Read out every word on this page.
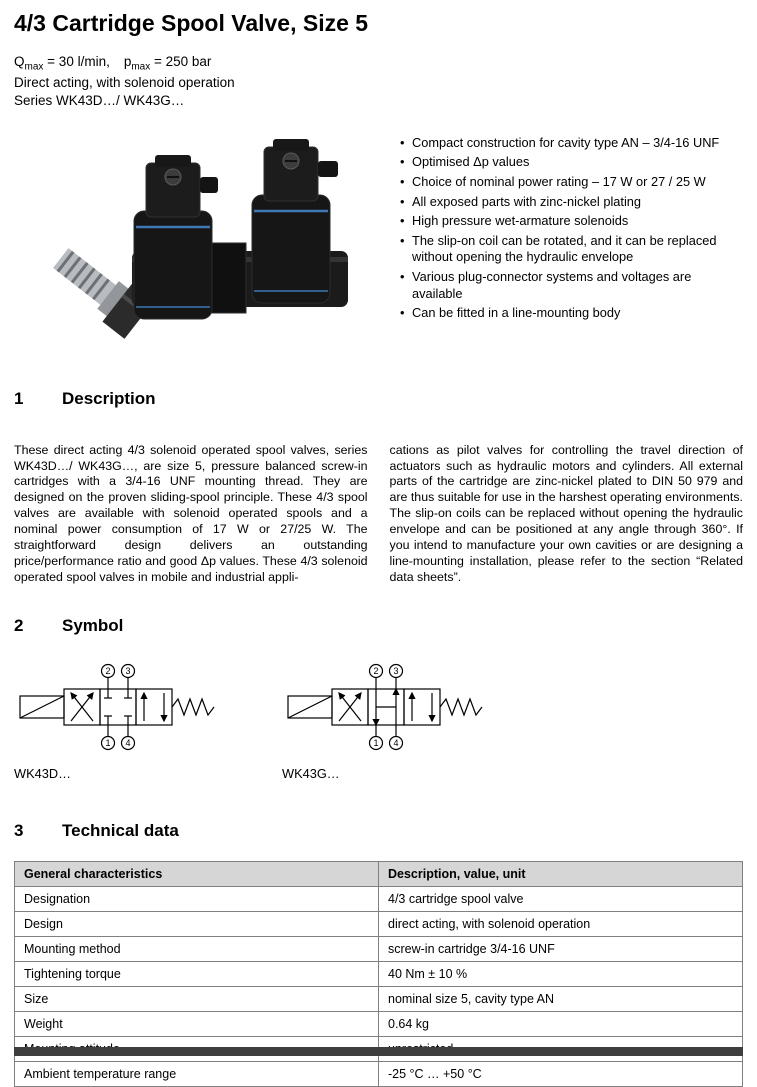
4/3 Cartridge Spool Valve, Size 5
$Q_{max} = 30$ l/min, $p_{max} = 250$ bar
Direct acting, with solenoid operation
Series WK43D…/ WK43G…
• Compact construction for cavity type AN – 3/4-16 UNF
• Optimised Δp values
• Choice of nominal power rating – 17 W or 27 / 25 W
• All exposed parts with zinc-nickel plating
• High pressure wet-armature solenoids
• The slip-on coil can be rotated, and it can be replaced without opening the hydraulic envelope
• Various plug-connector systems and voltages are available
• Can be fitted in a line-mounting body
1	Description
These direct acting 4/3 solenoid operated spool valves, series WK43D…/ WK43G…, are size 5, pressure balanced screw-in cartridges with a 3/4-16 UNF mounting thread. They are designed on the proven sliding-spool principle. These 4/3 spool valves are available with solenoid operated spools and a nominal power consumption of 17 W or 27/25 W. The straightforward design delivers an outstanding price/performance ratio and good Δp values. These 4/3 solenoid operated spool valves in mobile and industrial appli-
cations as pilot valves for controlling the travel direction of actuators such as hydraulic motors and cylinders. All external parts of the cartridge are zinc-nickel plated to DIN 50 979 and are thus suitable for use in the harshest operating environments. The slip-on coils can be replaced without opening the hydraulic envelope and can be positioned at any angle through 360°. If you intend to manufacture your own cavities or are designing a line-mounting installation, please refer to the section “Related data sheets”.
2	Symbol
2 3
1 4
WK43D…
2 3
1 4
WK43G…
3	Technical data
General characteristics	Description, value, unit
Designation	4/3 cartridge spool valve
Design	direct acting, with solenoid operation
Mounting method	screw-in cartridge 3/4-16 UNF
Tightening torque	40 Nm ± 10 %
Size	nominal size 5, cavity type AN
Weight	0.64 kg

Ambient temperature range	-25 °C … +50 °C
